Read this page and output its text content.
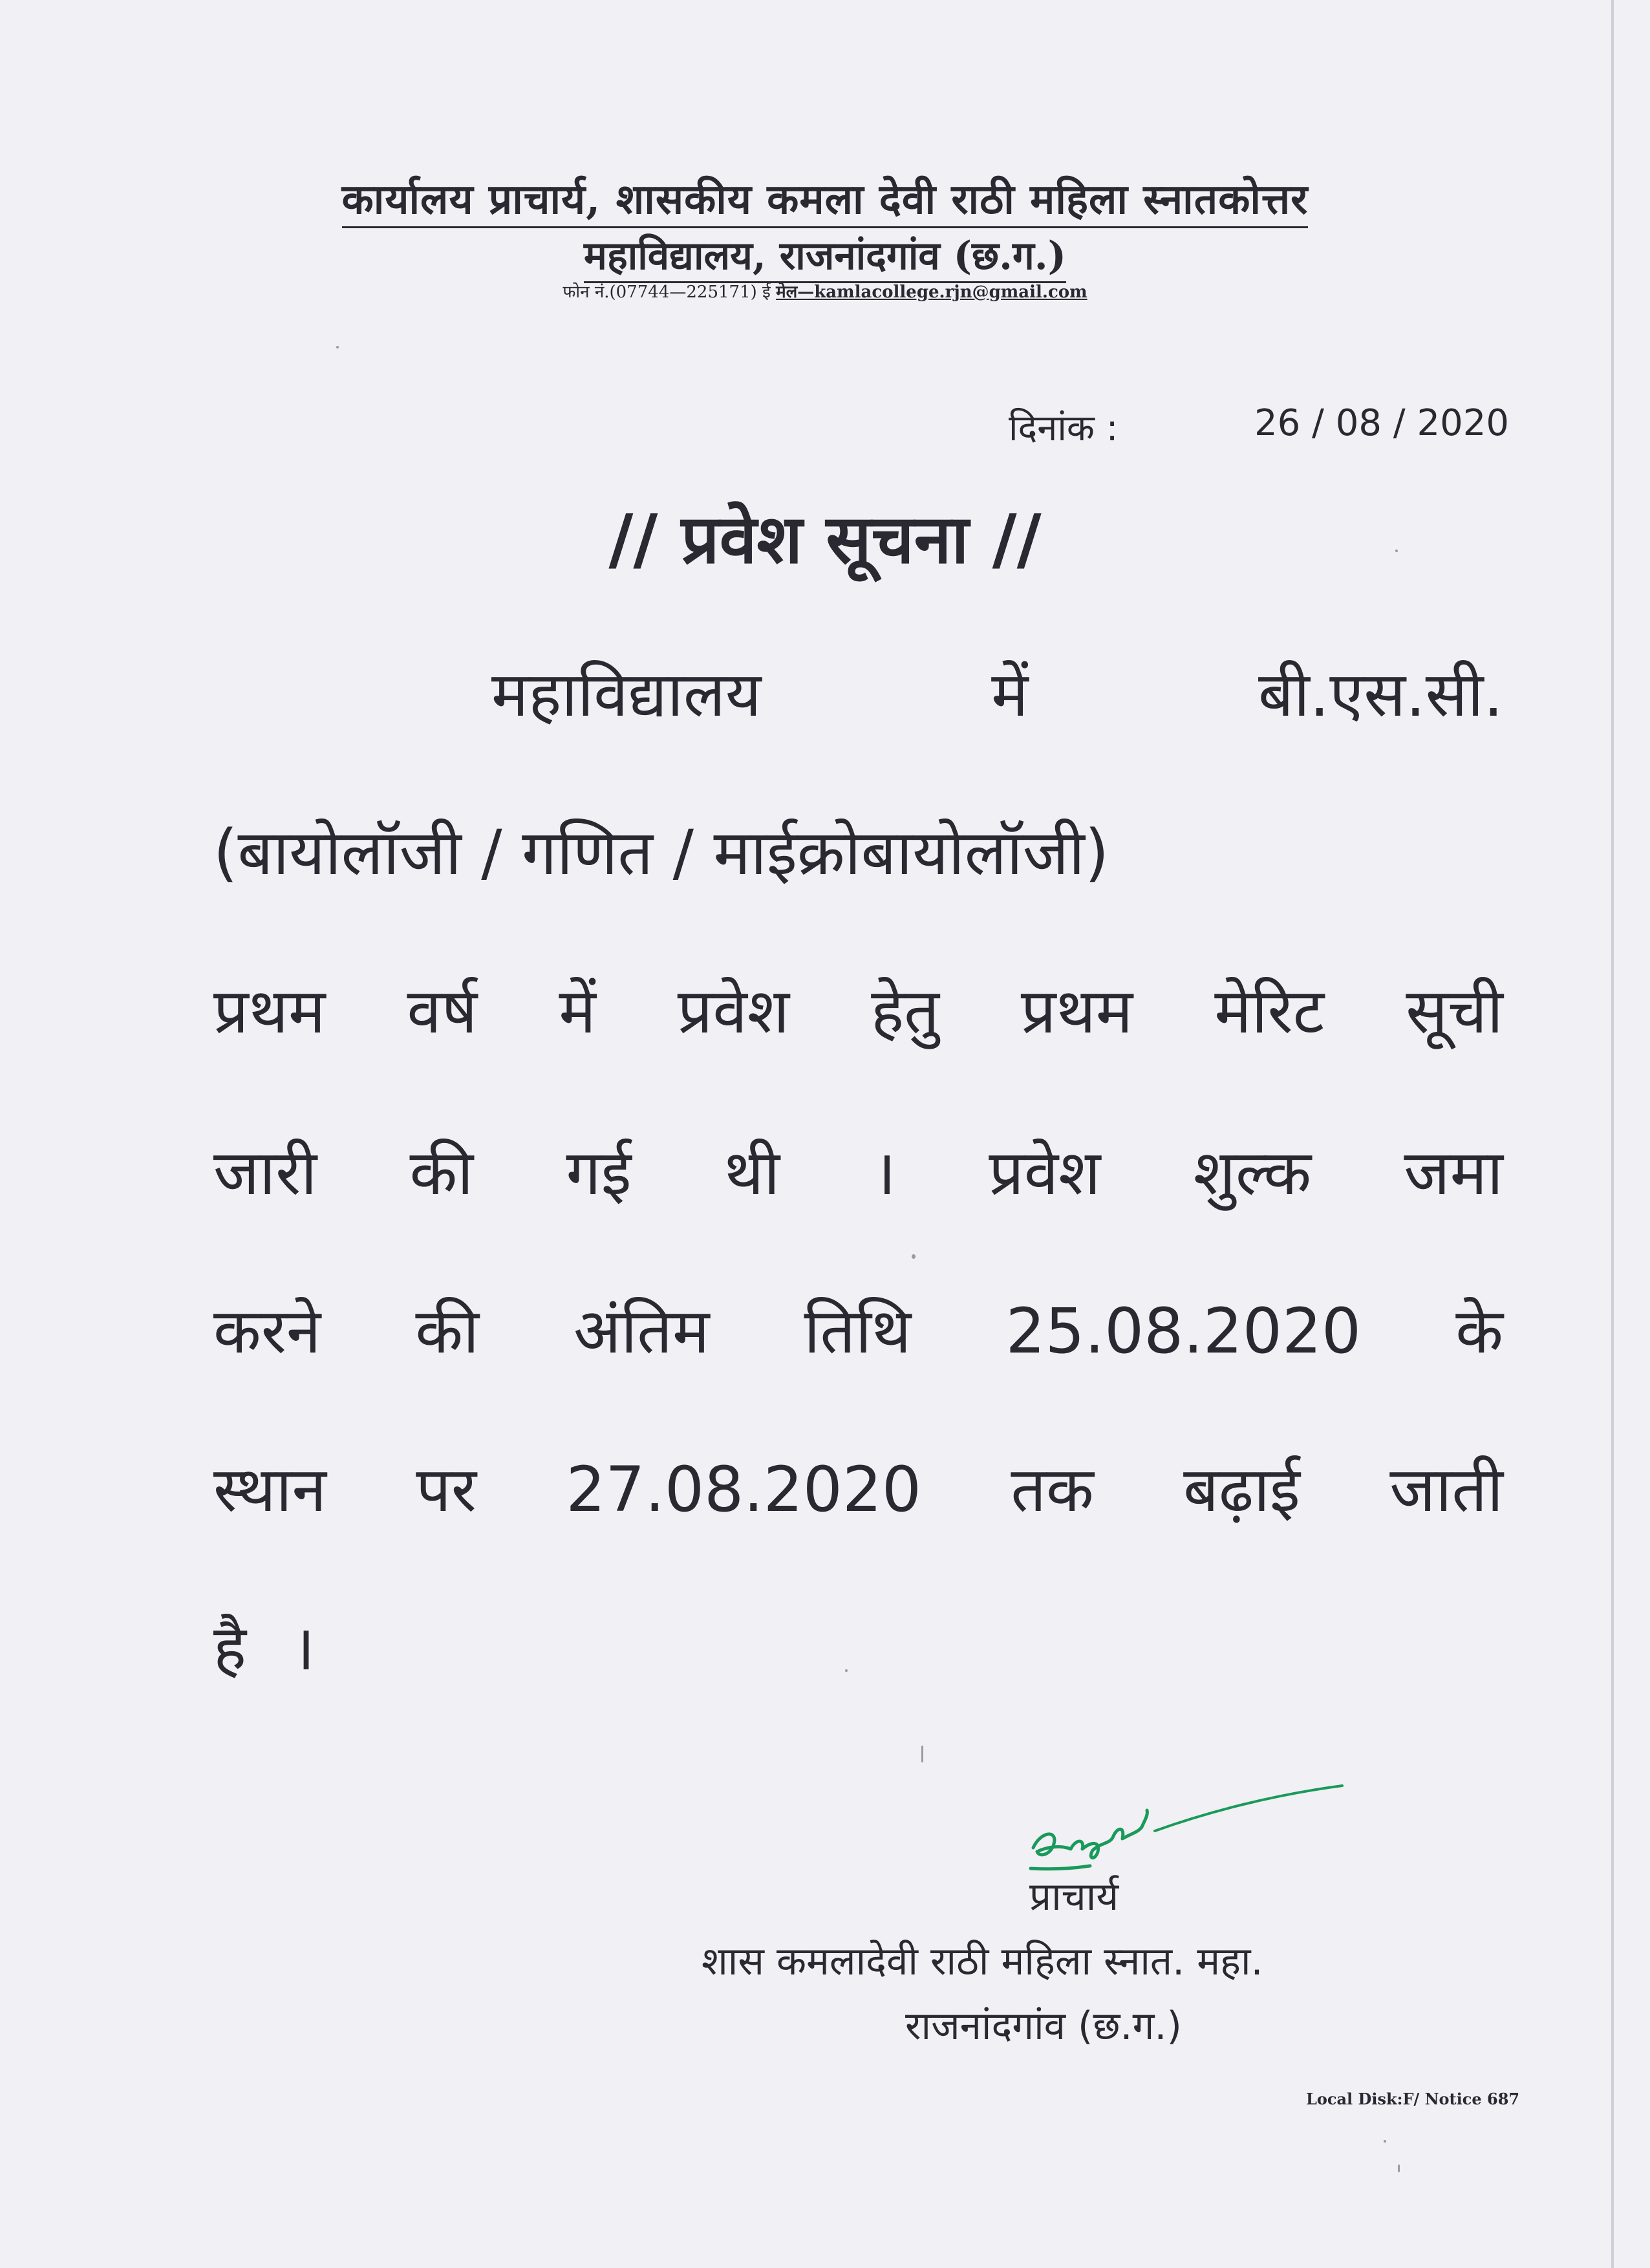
कार्यालय प्राचार्य, शासकीय कमला देवी राठी महिला स्नातकोत्तर
महाविद्यालय, राजनांदगांव (छ.ग.)
फोन नं.(07744—225171) ई मेल—kamlacollege.rjn@gmail.com
दिनांक :	26 / 08 / 2020
// प्रवेश सूचना //
महाविद्यालय	में	बी.एस.सी.
(बायोलॉजी / गणित / माईक्रोबायोलॉजी)
प्रथम वर्ष में प्रवेश हेतु प्रथम मेरिट सूची
जारी की गई थी । प्रवेश शुल्क जमा
करने की अंतिम तिथि 25.08.2020 के
स्थान पर 27.08.2020 तक बढ़ाई जाती
है ।
प्राचार्य
शास कमलादेवी राठी महिला स्नात. महा.
राजनांदगांव (छ.ग.)
Local Disk:F/ Notice 687
